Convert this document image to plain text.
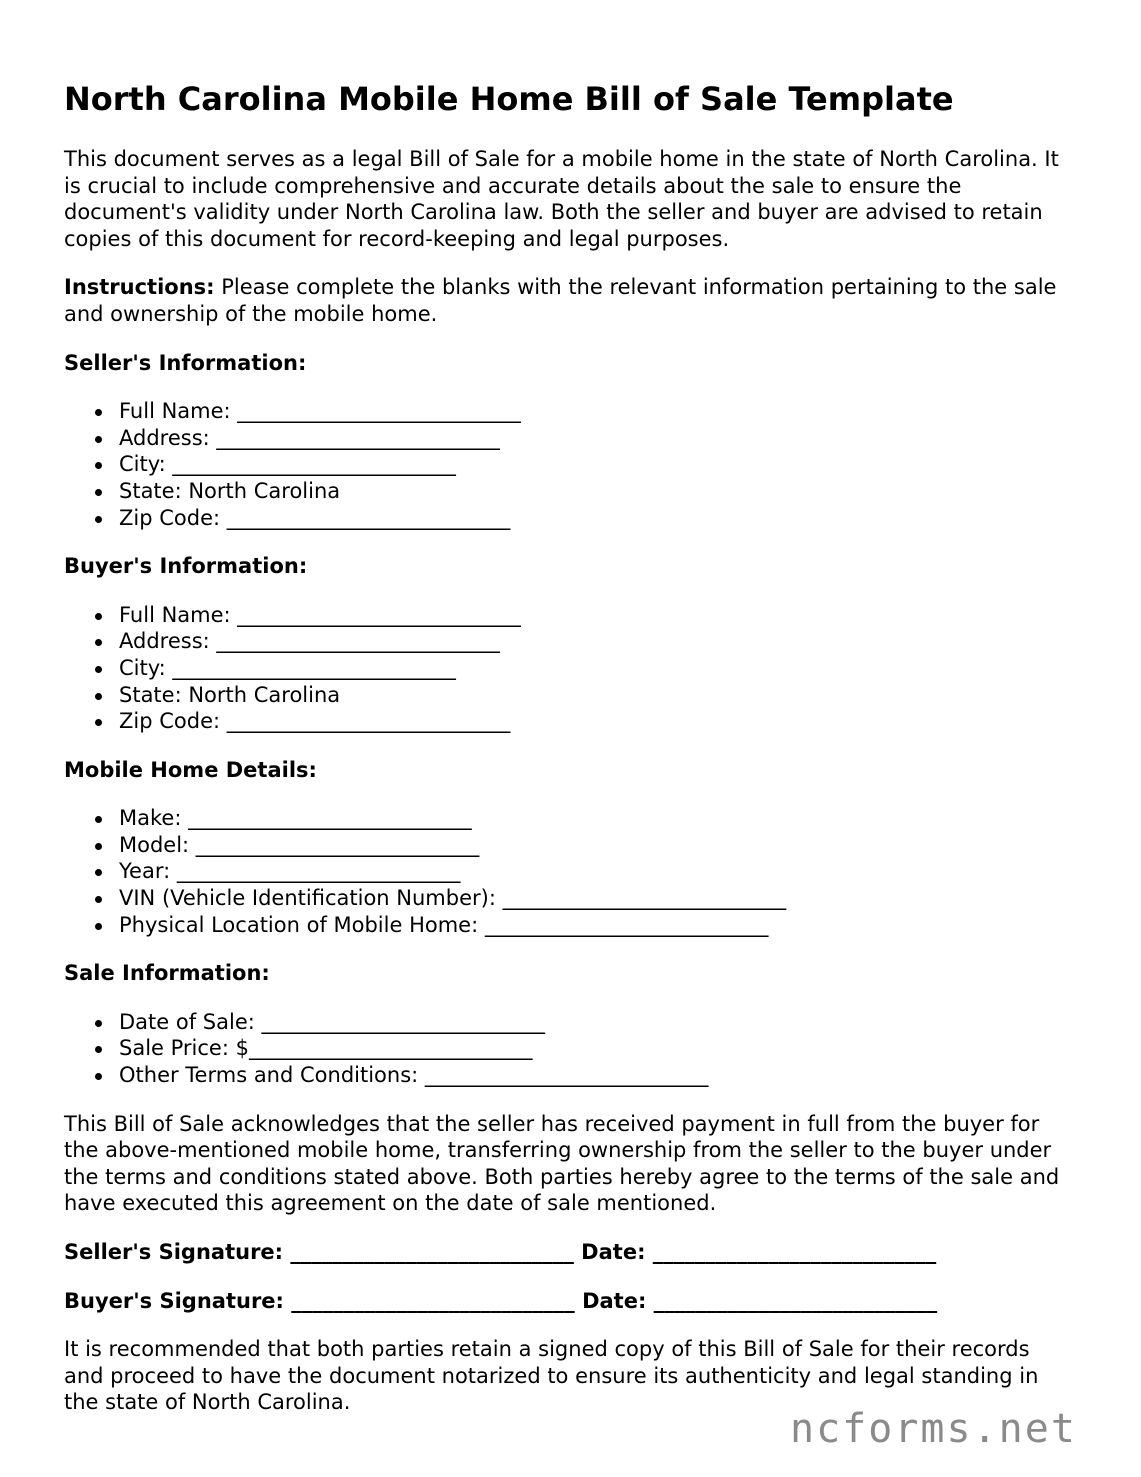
North Carolina Mobile Home Bill of Sale Template

This document serves as a legal Bill of Sale for a mobile home in the state of North Carolina. It is crucial to include comprehensive and accurate details about the sale to ensure the document's validity under North Carolina law. Both the seller and buyer are advised to retain copies of this document for record-keeping and legal purposes.

Instructions: Please complete the blanks with the relevant information pertaining to the sale and ownership of the mobile home.

Seller's Information:
Full Name: ___________________________
Address: ___________________________
City: ___________________________
State: North Carolina
Zip Code: ___________________________
Buyer's Information:
Full Name: ___________________________
Address: ___________________________
City: ___________________________
State: North Carolina
Zip Code: ___________________________
Mobile Home Details:
Make: ___________________________
Model: ___________________________
Year: ___________________________
VIN (Vehicle Identification Number): ___________________________
Physical Location of Mobile Home: ___________________________
Sale Information:
Date of Sale: ___________________________
Sale Price: $___________________________
Other Terms and Conditions: ___________________________

This Bill of Sale acknowledges that the seller has received payment in full from the buyer for the above-mentioned mobile home, transferring ownership from the seller to the buyer under the terms and conditions stated above. Both parties hereby agree to the terms of the sale and have executed this agreement on the date of sale mentioned.

Seller's Signature: ___________________________ Date: ___________________________
Buyer's Signature: ___________________________ Date: ___________________________

It is recommended that both parties retain a signed copy of this Bill of Sale for their records and proceed to have the document notarized to ensure its authenticity and legal standing in the state of North Carolina.

ncforms.net
